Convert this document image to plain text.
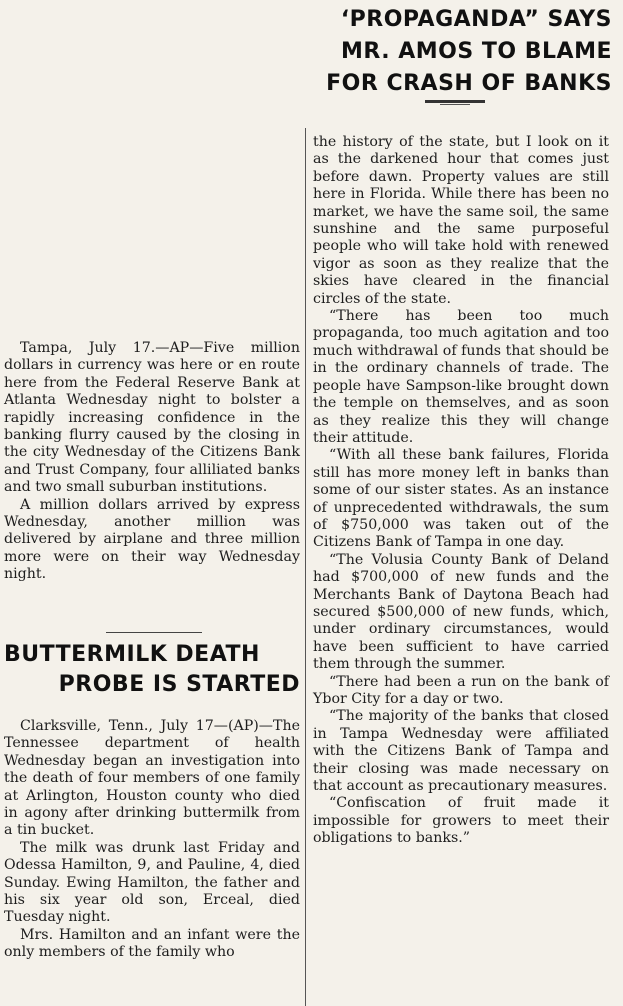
‘PROPAGANDA” SAYS
MR. AMOS TO BLAME
FOR CRASH OF BANKS

the history of the state, but I look on it as the darkened hour that comes just before dawn. Property values are still here in Florida. While there has been no market, we have the same soil, the same sunshine and the same purposeful people who will take hold with renewed vigor as soon as they realize that the skies have cleared in the financial circles of the state.

“There has been too much propaganda, too much agitation and too much withdrawal of funds that should be in the ordinary channels of trade. The people have Sampson-like brought down the temple on themselves, and as soon as they realize this they will change their attitude.

“With all these bank failures, Florida still has more money left in banks than some of our sister states. As an instance of unprecedented withdrawals, the sum of $750,000 was taken out of the Citizens Bank of Tampa in one day.

“The Volusia County Bank of Deland had $700,000 of new funds and the Merchants Bank of Daytona Beach had secured $500,000 of new funds, which, under ordinary circumstances, would have been sufficient to have carried them through the summer.

“There had been a run on the bank of Ybor City for a day or two.

“The majority of the banks that closed in Tampa Wednesday were affiliated with the Citizens Bank of Tampa and their closing was made necessary on that account as precautionary measures.

“Confiscation of fruit made it impossible for growers to meet their obligations to banks.”

Tampa, July 17.—AP—Five million dollars in currency was here or en route here from the Federal Reserve Bank at Atlanta Wednesday night to bolster a rapidly increasing confidence in the banking flurry caused by the closing in the city Wednesday of the Citizens Bank and Trust Company, four alliliated banks and two small suburban institutions.

A million dollars arrived by express Wednesday, another million was delivered by airplane and three million more were on their way Wednesday night.

BUTTERMILK DEATH
PROBE IS STARTED

Clarksville, Tenn., July 17—(AP)—The Tennessee department of health Wednesday began an investigation into the death of four members of one family at Arlington, Houston county who died in agony after drinking buttermilk from a tin bucket.

The milk was drunk last Friday and Odessa Hamilton, 9, and Pauline, 4, died Sunday. Ewing Hamilton, the father and his six year old son, Erceal, died Tuesday night.

Mrs. Hamilton and an infant were the only members of the family who
